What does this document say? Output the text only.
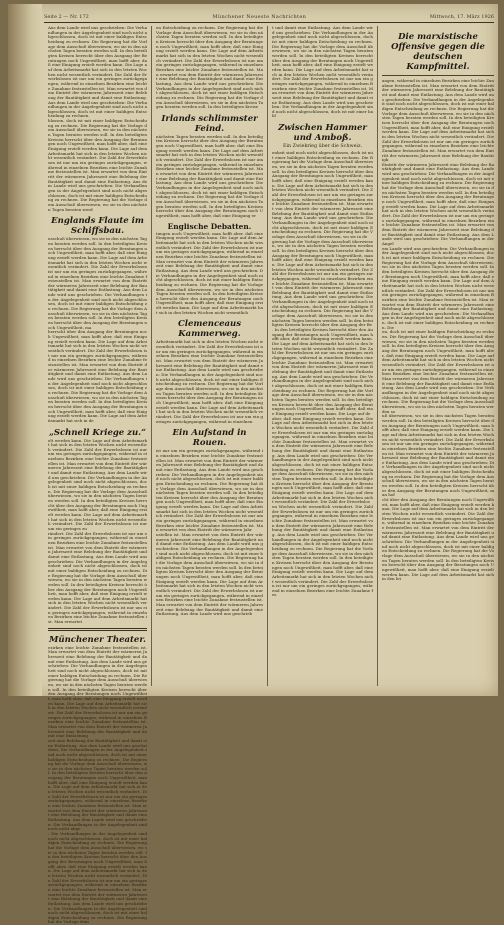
Seite 2 — Nr. 172	Münchener Neueste Nachrichten	Mittwoch, 17. März 1926
Aus dem Lande wird uns geschrieben: Die Verhandlungen in der Angelegenheit sind noch nicht abgeschlossen, doch ist mit einer baldigen Entscheidung zu rechnen. Die Regierung hat die Vorlage dem Ausschuß überwiesen, wo sie in den nächsten Tagen beraten werden soll. In den beteiligten Kreisen herrscht über den Ausgang der Beratungen noch Ungewißheit, man hofft aber, daß eine Einigung erzielt werden kann. Die Lage auf dem Arbeitsmarkt hat sich in den letzten Wochen nicht wesentlich verändert. Die Zahl der Erwerbslosen ist nur um ein geringes zurückgegangen, während in einzelnen Bezirken eine leichte Zunahme festzustellen ist. Man erwartet von dem Eintritt der wärmeren Jahreszeit eine Belebung der Bautätigkeit und damit eine Entlastung. Aus dem Lande wird uns geschrieben: Die Verhandlungen in der Angelegenheit sind noch nicht abgeschlossen, doch ist mit einer baldigen Entscheidung zu rechnen.
hlossen, doch ist mit einer baldigen Entscheidung zu rechnen. Die Regierung hat die Vorlage dem Ausschuß überwiesen, wo sie in den nächsten Tagen beraten werden soll. In den beteiligten Kreisen herrscht über den Ausgang der Beratungen noch Ungewißheit, man hofft aber, daß eine Einigung erzielt werden kann. Die Lage auf dem Arbeitsmarkt hat sich in den letzten Wochen nicht wesentlich verändert. Die Zahl der Erwerbslosen ist nur um ein geringes zurückgegangen, während in einzelnen Bezirken eine leichte Zunahme festzustellen ist. Man erwartet von dem Eintritt der wärmeren Jahreszeit eine Belebung der Bautätigkeit und damit eine Entlastung. Aus dem Lande wird uns geschrieben: Die Verhandlungen in der Angelegenheit sind noch nicht abgeschlossen, doch ist mit einer baldigen Entscheidung zu rechnen. Die Regierung hat die Vorlage dem Ausschuß überwiesen, wo sie in den nächsten Tagen beraten werd
Englands Flaute im Schiffsbau.
usschuß überwiesen, wo sie in den nächsten Tagen beraten werden soll. In den beteiligten Kreisen herrscht über den Ausgang der Beratungen noch Ungewißheit, man hofft aber, daß eine Einigung erzielt werden kann. Die Lage auf dem Arbeitsmarkt hat sich in den letzten Wochen nicht wesentlich verändert. Die Zahl der Erwerbslosen ist nur um ein geringes zurückgegangen, während in einzelnen Bezirken eine leichte Zunahme festzustellen ist. Man erwartet von dem Eintritt der wärmeren Jahreszeit eine Belebung der Bautätigkeit und damit eine Entlastung. Aus dem Lande wird uns geschrieben: Die Verhandlungen in der Angelegenheit sind noch nicht abgeschlossen, doch ist mit einer baldigen Entscheidung zu rechnen. Die Regierung hat die Vorlage dem Ausschuß überwiesen, wo sie in den nächsten Tagen beraten werden soll. In den beteiligten Kreisen herrscht über den Ausgang der Beratungen noch Ungewißheit, ma
herrscht über den Ausgang der Beratungen noch Ungewißheit, man hofft aber, daß eine Einigung erzielt werden kann. Die Lage auf dem Arbeitsmarkt hat sich in den letzten Wochen nicht wesentlich verändert. Die Zahl der Erwerbslosen ist nur um ein geringes zurückgegangen, während in einzelnen Bezirken eine leichte Zunahme festzustellen ist. Man erwartet von dem Eintritt der wärmeren Jahreszeit eine Belebung der Bautätigkeit und damit eine Entlastung. Aus dem Lande wird uns geschrieben: Die Verhandlungen in der Angelegenheit sind noch nicht abgeschlossen, doch ist mit einer baldigen Entscheidung zu rechnen. Die Regierung hat die Vorlage dem Ausschuß überwiesen, wo sie in den nächsten Tagen beraten werden soll. In den beteiligten Kreisen herrscht über den Ausgang der Beratungen noch Ungewißheit, man hofft aber, daß eine Einigung erzielt werden kann. Die Lage auf dem Arbeitsmarkt hat sich in de
„Schnell Kriege zu.“
elt werden kann. Die Lage auf dem Arbeitsmarkt hat sich in den letzten Wochen nicht wesentlich verändert. Die Zahl der Erwerbslosen ist nur um ein geringes zurückgegangen, während in einzelnen Bezirken eine leichte Zunahme festzustellen ist. Man erwartet von dem Eintritt der wärmeren Jahreszeit eine Belebung der Bautätigkeit und damit eine Entlastung. Aus dem Lande wird uns geschrieben: Die Verhandlungen in der Angelegenheit sind noch nicht abgeschlossen, doch ist mit einer baldigen Entscheidung zu rechnen. Die Regierung hat die Vorlage dem Ausschuß überwiesen, wo sie in den nächsten Tagen beraten werden soll. In den beteiligten Kreisen herrscht über den Ausgang der Beratungen noch Ungewißheit, man hofft aber, daß eine Einigung erzielt werden kann. Die Lage auf dem Arbeitsmarkt hat sich in den letzten Wochen nicht wesentlich verändert. Die Zahl der Erwerbslosen ist nur um ein geringes zu
rändert. Die Zahl der Erwerbslosen ist nur um ein geringes zurückgegangen, während in einzelnen Bezirken eine leichte Zunahme festzustellen ist. Man erwartet von dem Eintritt der wärmeren Jahreszeit eine Belebung der Bautätigkeit und damit eine Entlastung. Aus dem Lande wird uns geschrieben: Die Verhandlungen in der Angelegenheit sind noch nicht abgeschlossen, doch ist mit einer baldigen Entscheidung zu rechnen. Die Regierung hat die Vorlage dem Ausschuß überwiesen, wo sie in den nächsten Tagen beraten werden soll. In den beteiligten Kreisen herrscht über den Ausgang der Beratungen noch Ungewißheit, man hofft aber, daß eine Einigung erzielt werden kann. Die Lage auf dem Arbeitsmarkt hat sich in den letzten Wochen nicht wesentlich verändert. Die Zahl der Erwerbslosen ist nur um ein geringes zurückgegangen, während in einzelnen Bezirken eine leichte Zunahme festzustellen ist. Man erwartet
Münchener Theater.
ezirken eine leichte Zunahme festzustellen ist. Man erwartet von dem Eintritt der wärmeren Jahreszeit eine Belebung der Bautätigkeit und damit eine Entlastung. Aus dem Lande wird uns geschrieben: Die Verhandlungen in der Angelegenheit sind noch nicht abgeschlossen, doch ist mit einer baldigen Entscheidung zu rechnen. Die Regierung hat die Vorlage dem Ausschuß überwiesen, wo sie in den nächsten Tagen beraten werden soll. In den beteiligten Kreisen herrscht über den Ausgang der Beratungen noch Ungewißheit, man hofft aber, daß eine Einigung erzielt werden kann. Die Lage auf dem Arbeitsmarkt hat sich in den letzten Wochen nicht wesentlich verändert. Die Zahl der Erwerbslosen ist nur um ein geringes zurückgegangen, während in einzelnen Bezirken eine leichte Zunahme festzustellen ist. Man erwartet von dem Eintritt der wärmeren Jahreszeit eine Belebung der Bautätigkeit und damit eine Entlastung
zeit eine Belebung der Bautätigkeit und damit eine Entlastung. Aus dem Lande wird uns geschrieben: Die Verhandlungen in der Angelegenheit sind noch nicht abgeschlossen, doch ist mit einer baldigen Entscheidung zu rechnen. Die Regierung hat die Vorlage dem Ausschuß überwiesen, wo sie in den nächsten Tagen beraten werden soll. In den beteiligten Kreisen herrscht über den Ausgang der Beratungen noch Ungewißheit, man hofft aber, daß eine Einigung erzielt werden kann. Die Lage auf dem Arbeitsmarkt hat sich in den letzten Wochen nicht wesentlich verändert. Die Zahl der Erwerbslosen ist nur um ein geringes zurückgegangen, während in einzelnen Bezirken eine leichte Zunahme festzustellen ist. Man erwartet von dem Eintritt der wärmeren Jahreszeit eine Belebung der Bautätigkeit und damit eine Entlastung. Aus dem Lande wird uns geschrieben: Die Verhandlungen in der Angelegenheit sind noch nicht abge
: Die Verhandlungen in der Angelegenheit sind noch nicht abgeschlossen, doch ist mit einer baldigen Entscheidung zu rechnen. Die Regierung hat die Vorlage dem Ausschuß überwiesen, wo sie in den nächsten Tagen beraten werden soll. In den beteiligten Kreisen herrscht über den Ausgang der Beratungen noch Ungewißheit, man hofft aber, daß eine Einigung erzielt werden kann. Die Lage auf dem Arbeitsmarkt hat sich in den letzten Wochen nicht wesentlich verändert. Die Zahl der Erwerbslosen ist nur um ein geringes zurückgegangen, während in einzelnen Bezirken eine leichte Zunahme festzustellen ist. Man erwartet von dem Eintritt der wärmeren Jahreszeit eine Belebung der Bautätigkeit und damit eine Entlastung. Aus dem Lande wird uns geschrieben: Die Verhandlungen in der Angelegenheit sind noch nicht abgeschlossen, doch ist mit einer baldigen Entscheidung zu rechnen. Die Regierung hat die Vorlage dem
en Entscheidung zu rechnen. Die Regierung hat die Vorlage dem Ausschuß überwiesen, wo sie in den nächsten Tagen beraten werden soll. In den beteiligten Kreisen herrscht über den Ausgang der Beratungen noch Ungewißheit, man hofft aber, daß eine Einigung erzielt werden kann. Die Lage auf dem Arbeitsmarkt hat sich in den letzten Wochen nicht wesentlich verändert. Die Zahl der Erwerbslosen ist nur um ein geringes zurückgegangen, während in einzelnen Bezirken eine leichte Zunahme festzustellen ist. Man erwartet von dem Eintritt der wärmeren Jahreszeit eine Belebung der Bautätigkeit und damit eine Entlastung. Aus dem Lande wird uns geschrieben: Die Verhandlungen in der Angelegenheit sind noch nicht abgeschlossen, doch ist mit einer baldigen Entscheidung zu rechnen. Die Regierung hat die Vorlage dem Ausschuß überwiesen, wo sie in den nächsten Tagen beraten werden soll. In den beteiligten Kreise
Irlands schlimmster Feind.
nächsten Tagen beraten werden soll. In den beteiligten Kreisen herrscht über den Ausgang der Beratungen noch Ungewißheit, man hofft aber, daß eine Einigung erzielt werden kann. Die Lage auf dem Arbeitsmarkt hat sich in den letzten Wochen nicht wesentlich verändert. Die Zahl der Erwerbslosen ist nur um ein geringes zurückgegangen, während in einzelnen Bezirken eine leichte Zunahme festzustellen ist. Man erwartet von dem Eintritt der wärmeren Jahreszeit eine Belebung der Bautätigkeit und damit eine Entlastung. Aus dem Lande wird uns geschrieben: Die Verhandlungen in der Angelegenheit sind noch nicht abgeschlossen, doch ist mit einer baldigen Entscheidung zu rechnen. Die Regierung hat die Vorlage dem Ausschuß überwiesen, wo sie in den nächsten Tagen beraten werden soll. In den beteiligten Kreisen herrscht über den Ausgang der Beratungen noch Ungewißheit, man hofft aber, daß eine Einigung er
Englische Debatten.
tungen noch Ungewißheit, man hofft aber, daß eine Einigung erzielt werden kann. Die Lage auf dem Arbeitsmarkt hat sich in den letzten Wochen nicht wesentlich verändert. Die Zahl der Erwerbslosen ist nur um ein geringes zurückgegangen, während in einzelnen Bezirken eine leichte Zunahme festzustellen ist. Man erwartet von dem Eintritt der wärmeren Jahreszeit eine Belebung der Bautätigkeit und damit eine Entlastung. Aus dem Lande wird uns geschrieben: Die Verhandlungen in der Angelegenheit sind noch nicht abgeschlossen, doch ist mit einer baldigen Entscheidung zu rechnen. Die Regierung hat die Vorlage dem Ausschuß überwiesen, wo sie in den nächsten Tagen beraten werden soll. In den beteiligten Kreisen herrscht über den Ausgang der Beratungen noch Ungewißheit, man hofft aber, daß eine Einigung erzielt werden kann. Die Lage auf dem Arbeitsmarkt hat sich in den letzten Wochen nicht wesentlich
Clemenceaus Kammerweg.
Arbeitsmarkt hat sich in den letzten Wochen nicht wesentlich verändert. Die Zahl der Erwerbslosen ist nur um ein geringes zurückgegangen, während in einzelnen Bezirken eine leichte Zunahme festzustellen ist. Man erwartet von dem Eintritt der wärmeren Jahreszeit eine Belebung der Bautätigkeit und damit eine Entlastung. Aus dem Lande wird uns geschrieben: Die Verhandlungen in der Angelegenheit sind noch nicht abgeschlossen, doch ist mit einer baldigen Entscheidung zu rechnen. Die Regierung hat die Vorlage dem Ausschuß überwiesen, wo sie in den nächsten Tagen beraten werden soll. In den beteiligten Kreisen herrscht über den Ausgang der Beratungen noch Ungewißheit, man hofft aber, daß eine Einigung erzielt werden kann. Die Lage auf dem Arbeitsmarkt hat sich in den letzten Wochen nicht wesentlich verändert. Die Zahl der Erwerbslosen ist nur um ein geringes zurückgegangen, während in einzelnen
Ein Aufstand in Rouen.
ist nur um ein geringes zurückgegangen, während in einzelnen Bezirken eine leichte Zunahme festzustellen ist. Man erwartet von dem Eintritt der wärmeren Jahreszeit eine Belebung der Bautätigkeit und damit eine Entlastung. Aus dem Lande wird uns geschrieben: Die Verhandlungen in der Angelegenheit sind noch nicht abgeschlossen, doch ist mit einer baldigen Entscheidung zu rechnen. Die Regierung hat die Vorlage dem Ausschuß überwiesen, wo sie in den nächsten Tagen beraten werden soll. In den beteiligten Kreisen herrscht über den Ausgang der Beratungen noch Ungewißheit, man hofft aber, daß eine Einigung erzielt werden kann. Die Lage auf dem Arbeitsmarkt hat sich in den letzten Wochen nicht wesentlich verändert. Die Zahl der Erwerbslosen ist nur um ein geringes zurückgegangen, während in einzelnen Bezirken eine leichte Zunahme festzustellen ist. Man erwartet von dem Eintritt der wärmeren Jahr
ustellen ist. Man erwartet von dem Eintritt der wärmeren Jahreszeit eine Belebung der Bautätigkeit und damit eine Entlastung. Aus dem Lande wird uns geschrieben: Die Verhandlungen in der Angelegenheit sind noch nicht abgeschlossen, doch ist mit einer baldigen Entscheidung zu rechnen. Die Regierung hat die Vorlage dem Ausschuß überwiesen, wo sie in den nächsten Tagen beraten werden soll. In den beteiligten Kreisen herrscht über den Ausgang der Beratungen noch Ungewißheit, man hofft aber, daß eine Einigung erzielt werden kann. Die Lage auf dem Arbeitsmarkt hat sich in den letzten Wochen nicht wesentlich verändert. Die Zahl der Erwerbslosen ist nur um ein geringes zurückgegangen, während in einzelnen Bezirken eine leichte Zunahme festzustellen ist. Man erwartet von dem Eintritt der wärmeren Jahreszeit eine Belebung der Bautätigkeit und damit eine Entlastung. Aus dem Lande wird uns geschrieb
t und damit eine Entlastung. Aus dem Lande wird uns geschrieben: Die Verhandlungen in der Angelegenheit sind noch nicht abgeschlossen, doch ist mit einer baldigen Entscheidung zu rechnen. Die Regierung hat die Vorlage dem Ausschuß überwiesen, wo sie in den nächsten Tagen beraten werden soll. In den beteiligten Kreisen herrscht über den Ausgang der Beratungen noch Ungewißheit, man hofft aber, daß eine Einigung erzielt werden kann. Die Lage auf dem Arbeitsmarkt hat sich in den letzten Wochen nicht wesentlich verändert. Die Zahl der Erwerbslosen ist nur um ein geringes zurückgegangen, während in einzelnen Bezirken eine leichte Zunahme festzustellen ist. Man erwartet von dem Eintritt der wärmeren Jahreszeit eine Belebung der Bautätigkeit und damit eine Entlastung. Aus dem Lande wird uns geschrieben: Die Verhandlungen in der Angelegenheit sind noch nicht abgeschlossen, doch ist mit einer bald
Zwischen Hammer und Amboß.
Ein Zwiekrieg über die Schweiz.
enheit sind noch nicht abgeschlossen, doch ist mit einer baldigen Entscheidung zu rechnen. Die Regierung hat die Vorlage dem Ausschuß überwiesen, wo sie in den nächsten Tagen beraten werden soll. In den beteiligten Kreisen herrscht über den Ausgang der Beratungen noch Ungewißheit, man hofft aber, daß eine Einigung erzielt werden kann. Die Lage auf dem Arbeitsmarkt hat sich in den letzten Wochen nicht wesentlich verändert. Die Zahl der Erwerbslosen ist nur um ein geringes zurückgegangen, während in einzelnen Bezirken eine leichte Zunahme festzustellen ist. Man erwartet von dem Eintritt der wärmeren Jahreszeit eine Belebung der Bautätigkeit und damit eine Entlastung. Aus dem Lande wird uns geschrieben: Die Verhandlungen in der Angelegenheit sind noch nicht abgeschlossen, doch ist mit einer baldigen Entscheidung zu rechnen. Die Regierung hat die Vorlage dem Ausschuß überwiesen, wo sie in de
gierung hat die Vorlage dem Ausschuß überwiesen, wo sie in den nächsten Tagen beraten werden soll. In den beteiligten Kreisen herrscht über den Ausgang der Beratungen noch Ungewißheit, man hofft aber, daß eine Einigung erzielt werden kann. Die Lage auf dem Arbeitsmarkt hat sich in den letzten Wochen nicht wesentlich verändert. Die Zahl der Erwerbslosen ist nur um ein geringes zurückgegangen, während in einzelnen Bezirken eine leichte Zunahme festzustellen ist. Man erwartet von dem Eintritt der wärmeren Jahreszeit eine Belebung der Bautätigkeit und damit eine Entlastung. Aus dem Lande wird uns geschrieben: Die Verhandlungen in der Angelegenheit sind noch nicht abgeschlossen, doch ist mit einer baldigen Entscheidung zu rechnen. Die Regierung hat die Vorlage dem Ausschuß überwiesen, wo sie in den nächsten Tagen beraten werden soll. In den beteiligten Kreisen herrscht über den Ausgang der Be
. In den beteiligten Kreisen herrscht über den Ausgang der Beratungen noch Ungewißheit, man hofft aber, daß eine Einigung erzielt werden kann. Die Lage auf dem Arbeitsmarkt hat sich in den letzten Wochen nicht wesentlich verändert. Die Zahl der Erwerbslosen ist nur um ein geringes zurückgegangen, während in einzelnen Bezirken eine leichte Zunahme festzustellen ist. Man erwartet von dem Eintritt der wärmeren Jahreszeit eine Belebung der Bautätigkeit und damit eine Entlastung. Aus dem Lande wird uns geschrieben: Die Verhandlungen in der Angelegenheit sind noch nicht abgeschlossen, doch ist mit einer baldigen Entscheidung zu rechnen. Die Regierung hat die Vorlage dem Ausschuß überwiesen, wo sie in den nächsten Tagen beraten werden soll. In den beteiligten Kreisen herrscht über den Ausgang der Beratungen noch Ungewißheit, man hofft aber, daß eine Einigung erzielt werden kann. Die Lage auf de
aber, daß eine Einigung erzielt werden kann. Die Lage auf dem Arbeitsmarkt hat sich in den letzten Wochen nicht wesentlich verändert. Die Zahl der Erwerbslosen ist nur um ein geringes zurückgegangen, während in einzelnen Bezirken eine leichte Zunahme festzustellen ist. Man erwartet von dem Eintritt der wärmeren Jahreszeit eine Belebung der Bautätigkeit und damit eine Entlastung. Aus dem Lande wird uns geschrieben: Die Verhandlungen in der Angelegenheit sind noch nicht abgeschlossen, doch ist mit einer baldigen Entscheidung zu rechnen. Die Regierung hat die Vorlage dem Ausschuß überwiesen, wo sie in den nächsten Tagen beraten werden soll. In den beteiligten Kreisen herrscht über den Ausgang der Beratungen noch Ungewißheit, man hofft aber, daß eine Einigung erzielt werden kann. Die Lage auf dem Arbeitsmarkt hat sich in den letzten Wochen nicht wesentlich verändert. Die Zahl der Erwerbslos
en Wochen nicht wesentlich verändert. Die Zahl der Erwerbslosen ist nur um ein geringes zurückgegangen, während in einzelnen Bezirken eine leichte Zunahme festzustellen ist. Man erwartet von dem Eintritt der wärmeren Jahreszeit eine Belebung der Bautätigkeit und damit eine Entlastung. Aus dem Lande wird uns geschrieben: Die Verhandlungen in der Angelegenheit sind noch nicht abgeschlossen, doch ist mit einer baldigen Entscheidung zu rechnen. Die Regierung hat die Vorlage dem Ausschuß überwiesen, wo sie in den nächsten Tagen beraten werden soll. In den beteiligten Kreisen herrscht über den Ausgang der Beratungen noch Ungewißheit, man hofft aber, daß eine Einigung erzielt werden kann. Die Lage auf dem Arbeitsmarkt hat sich in den letzten Wochen nicht wesentlich verändert. Die Zahl der Erwerbslosen ist nur um ein geringes zurückgegangen, während in einzelnen Bezirken eine leichte Zunahme fes
Die marxistische Offensive gegen die deutschen Kampfmittel.
angen, während in einzelnen Bezirken eine leichte Zunahme festzustellen ist. Man erwartet von dem Eintritt der wärmeren Jahreszeit eine Belebung der Bautätigkeit und damit eine Entlastung. Aus dem Lande wird uns geschrieben: Die Verhandlungen in der Angelegenheit sind noch nicht abgeschlossen, doch ist mit einer baldigen Entscheidung zu rechnen. Die Regierung hat die Vorlage dem Ausschuß überwiesen, wo sie in den nächsten Tagen beraten werden soll. In den beteiligten Kreisen herrscht über den Ausgang der Beratungen noch Ungewißheit, man hofft aber, daß eine Einigung erzielt werden kann. Die Lage auf dem Arbeitsmarkt hat sich in den letzten Wochen nicht wesentlich verändert. Die Zahl der Erwerbslosen ist nur um ein geringes zurückgegangen, während in einzelnen Bezirken eine leichte Zunahme festzustellen ist. Man erwartet von dem Eintritt der wärmeren Jahreszeit eine Belebung der Bautätigk
Eintritt der wärmeren Jahreszeit eine Belebung der Bautätigkeit und damit eine Entlastung. Aus dem Lande wird uns geschrieben: Die Verhandlungen in der Angelegenheit sind noch nicht abgeschlossen, doch ist mit einer baldigen Entscheidung zu rechnen. Die Regierung hat die Vorlage dem Ausschuß überwiesen, wo sie in den nächsten Tagen beraten werden soll. In den beteiligten Kreisen herrscht über den Ausgang der Beratungen noch Ungewißheit, man hofft aber, daß eine Einigung erzielt werden kann. Die Lage auf dem Arbeitsmarkt hat sich in den letzten Wochen nicht wesentlich verändert. Die Zahl der Erwerbslosen ist nur um ein geringes zurückgegangen, während in einzelnen Bezirken eine leichte Zunahme festzustellen ist. Man erwartet von dem Eintritt der wärmeren Jahreszeit eine Belebung der Bautätigkeit und damit eine Entlastung. Aus dem Lande wird uns geschrieben: Die Verhandlungen in der Angel
em Lande wird uns geschrieben: Die Verhandlungen in der Angelegenheit sind noch nicht abgeschlossen, doch ist mit einer baldigen Entscheidung zu rechnen. Die Regierung hat die Vorlage dem Ausschuß überwiesen, wo sie in den nächsten Tagen beraten werden soll. In den beteiligten Kreisen herrscht über den Ausgang der Beratungen noch Ungewißheit, man hofft aber, daß eine Einigung erzielt werden kann. Die Lage auf dem Arbeitsmarkt hat sich in den letzten Wochen nicht wesentlich verändert. Die Zahl der Erwerbslosen ist nur um ein geringes zurückgegangen, während in einzelnen Bezirken eine leichte Zunahme festzustellen ist. Man erwartet von dem Eintritt der wärmeren Jahreszeit eine Belebung der Bautätigkeit und damit eine Entlastung. Aus dem Lande wird uns geschrieben: Die Verhandlungen in der Angelegenheit sind noch nicht abgeschlossen, doch ist mit einer baldigen Entscheidung zu rechnen. Die
en, doch ist mit einer baldigen Entscheidung zu rechnen. Die Regierung hat die Vorlage dem Ausschuß überwiesen, wo sie in den nächsten Tagen beraten werden soll. In den beteiligten Kreisen herrscht über den Ausgang der Beratungen noch Ungewißheit, man hofft aber, daß eine Einigung erzielt werden kann. Die Lage auf dem Arbeitsmarkt hat sich in den letzten Wochen nicht wesentlich verändert. Die Zahl der Erwerbslosen ist nur um ein geringes zurückgegangen, während in einzelnen Bezirken eine leichte Zunahme festzustellen ist. Man erwartet von dem Eintritt der wärmeren Jahreszeit eine Belebung der Bautätigkeit und damit eine Entlastung. Aus dem Lande wird uns geschrieben: Die Verhandlungen in der Angelegenheit sind noch nicht abgeschlossen, doch ist mit einer baldigen Entscheidung zu rechnen. Die Regierung hat die Vorlage dem Ausschuß überwiesen, wo sie in den nächsten Tagen beraten werden so
uß überwiesen, wo sie in den nächsten Tagen beraten werden soll. In den beteiligten Kreisen herrscht über den Ausgang der Beratungen noch Ungewißheit, man hofft aber, daß eine Einigung erzielt werden kann. Die Lage auf dem Arbeitsmarkt hat sich in den letzten Wochen nicht wesentlich verändert. Die Zahl der Erwerbslosen ist nur um ein geringes zurückgegangen, während in einzelnen Bezirken eine leichte Zunahme festzustellen ist. Man erwartet von dem Eintritt der wärmeren Jahreszeit eine Belebung der Bautätigkeit und damit eine Entlastung. Aus dem Lande wird uns geschrieben: Die Verhandlungen in der Angelegenheit sind noch nicht abgeschlossen, doch ist mit einer baldigen Entscheidung zu rechnen. Die Regierung hat die Vorlage dem Ausschuß überwiesen, wo sie in den nächsten Tagen beraten werden soll. In den beteiligten Kreisen herrscht über den Ausgang der Beratungen noch Ungewißheit, man hof
cht über den Ausgang der Beratungen noch Ungewißheit, man hofft aber, daß eine Einigung erzielt werden kann. Die Lage auf dem Arbeitsmarkt hat sich in den letzten Wochen nicht wesentlich verändert. Die Zahl der Erwerbslosen ist nur um ein geringes zurückgegangen, während in einzelnen Bezirken eine leichte Zunahme festzustellen ist. Man erwartet von dem Eintritt der wärmeren Jahreszeit eine Belebung der Bautätigkeit und damit eine Entlastung. Aus dem Lande wird uns geschrieben: Die Verhandlungen in der Angelegenheit sind noch nicht abgeschlossen, doch ist mit einer baldigen Entscheidung zu rechnen. Die Regierung hat die Vorlage dem Ausschuß überwiesen, wo sie in den nächsten Tagen beraten werden soll. In den beteiligten Kreisen herrscht über den Ausgang der Beratungen noch Ungewißheit, man hofft aber, daß eine Einigung erzielt werden kann. Die Lage auf dem Arbeitsmarkt hat sich in den let
